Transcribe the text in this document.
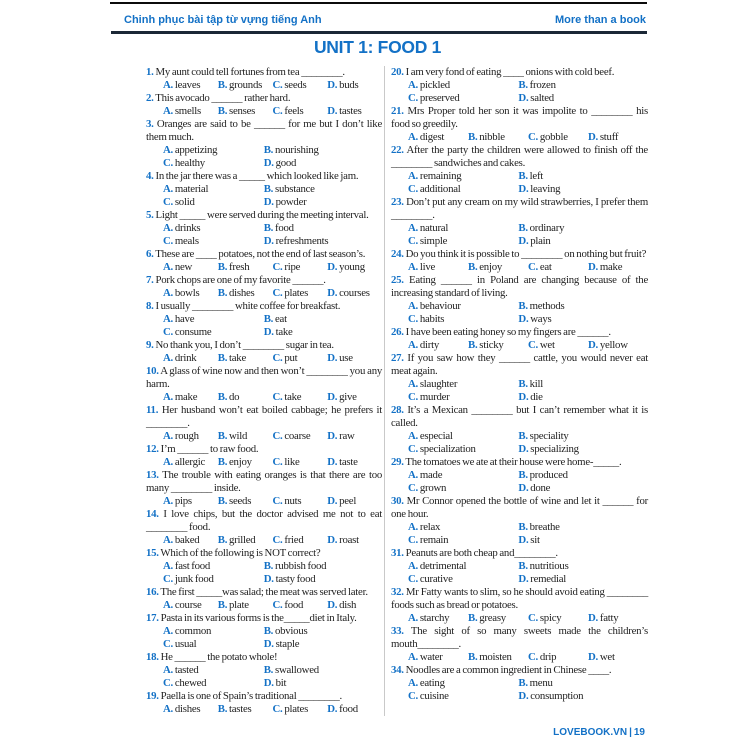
Chinh phục bài tập từ vựng tiếng Anh	More than a book
UNIT 1: FOOD 1

1. My aunt could tell fortunes from tea ________.

A. leaves	B. grounds C. seeds	D. buds

2. This avocado ______ rather hard.

A. smells	B. senses	C. feels	D. tastes

3. Oranges are said to be ______ for me but I don’t like them much.

A. appetizing	B. nourishing
C. healthy	D. good

4. In the jar there was a _____ which looked like jam.

A. material	B. substance
C. solid	D. powder

5. Light _____ were served during the meeting interval.

A. drinks	B. food
C. meals	D. refreshments

6. These are ____ potatoes, not the end of last season’s.

A. new	B. fresh	C. ripe	D. young

7. Pork chops are one of my favorite ______.

A. bowls	B. dishes	C. plates	D. courses

8. I usually ________ white coffee for breakfast.

A. have	B. eat
C. consume	D. take

9. No thank you, I don’t ________ sugar in tea.

A. drink	B. take	C. put	D. use

10. A glass of wine now and then won’t ________ you any harm.

A. make	B. do	C. take	D. give

11. Her husband won’t eat boiled cabbage; he prefers it ________.

A. rough	B. wild	C. coarse	D. raw

12. I’m ______ to raw food.

A. allergic	B. enjoy	C. like	D. taste

13. The trouble with eating oranges is that there are too many ________ inside.

A. pips	B. seeds	C. nuts	D. peel

14. I love chips, but the doctor advised me not to eat ________ food.

A. baked	B. grilled	C. fried	D. roast

15. Which of the following is NOT correct?

A. fast food	B. rubbish food
C. junk food	D. tasty food

16. The first _____was salad; the meat was served later.

A. course	B. plate	C. food	D. dish

17. Pasta in its various forms is the_____diet in Italy.

A. common	B. obvious
C. usual	D. staple

18. He ______ the potato whole!

A. tasted	B. swallowed
C. chewed	D. bit

19. Paella is one of Spain’s traditional ________.

A. dishes	B. tastes	C. plates	D. food

20. I am very fond of eating ____ onions with cold beef.

A. pickled	B. frozen
C. preserved	D. salted

21. Mrs Proper told her son it was impolite to ________ his food so greedily.

A. digest	B. nibble	C. gobble	D. stuff

22. After the party the children were allowed to finish off the ________ sandwiches and cakes.

A. remaining	B. left
C. additional	D. leaving

23. Don’t put any cream on my wild strawberries, I prefer them ________.

A. natural	B. ordinary
C. simple	D. plain

24. Do you think it is possible to ________ on nothing but fruit?

A. live	B. enjoy	C. eat	D. make

25. Eating ______ in Poland are changing because of the increasing standard of living.

A. behaviour	B. methods
C. habits	D. ways

26. I have been eating honey so my fingers are ______.

A. dirty	B. sticky	C. wet	D. yellow

27. If you saw how they ______ cattle, you would never eat meat again.

A. slaughter	B. kill
C. murder	D. die

28. It’s a Mexican ________ but I can’t remember what it is called.

A. especial	B. speciality
C. specialization	D. specializing

29. The tomatoes we ate at their house were home-_____.

A. made	B. produced
C. grown	D. done

30. Mr Connor opened the bottle of wine and let it ______ for one hour.

A. relax	B. breathe
C. remain	D. sit

31. Peanuts are both cheap and________.

A. detrimental	B. nutritious
C. curative	D. remedial

32. Mr Fatty wants to slim, so he should avoid eating ________ foods such as bread or potatoes.

A. starchy	B. greasy	C. spicy	D. fatty

33. The sight of so many sweets made the children’s mouth________.

A. water	B. moisten	C. drip	D. wet

34. Noodles are a common ingredient in Chinese ____.

A. eating	B. menu
C. cuisine	D. consumption
LOVEBOOK.VN | 19
